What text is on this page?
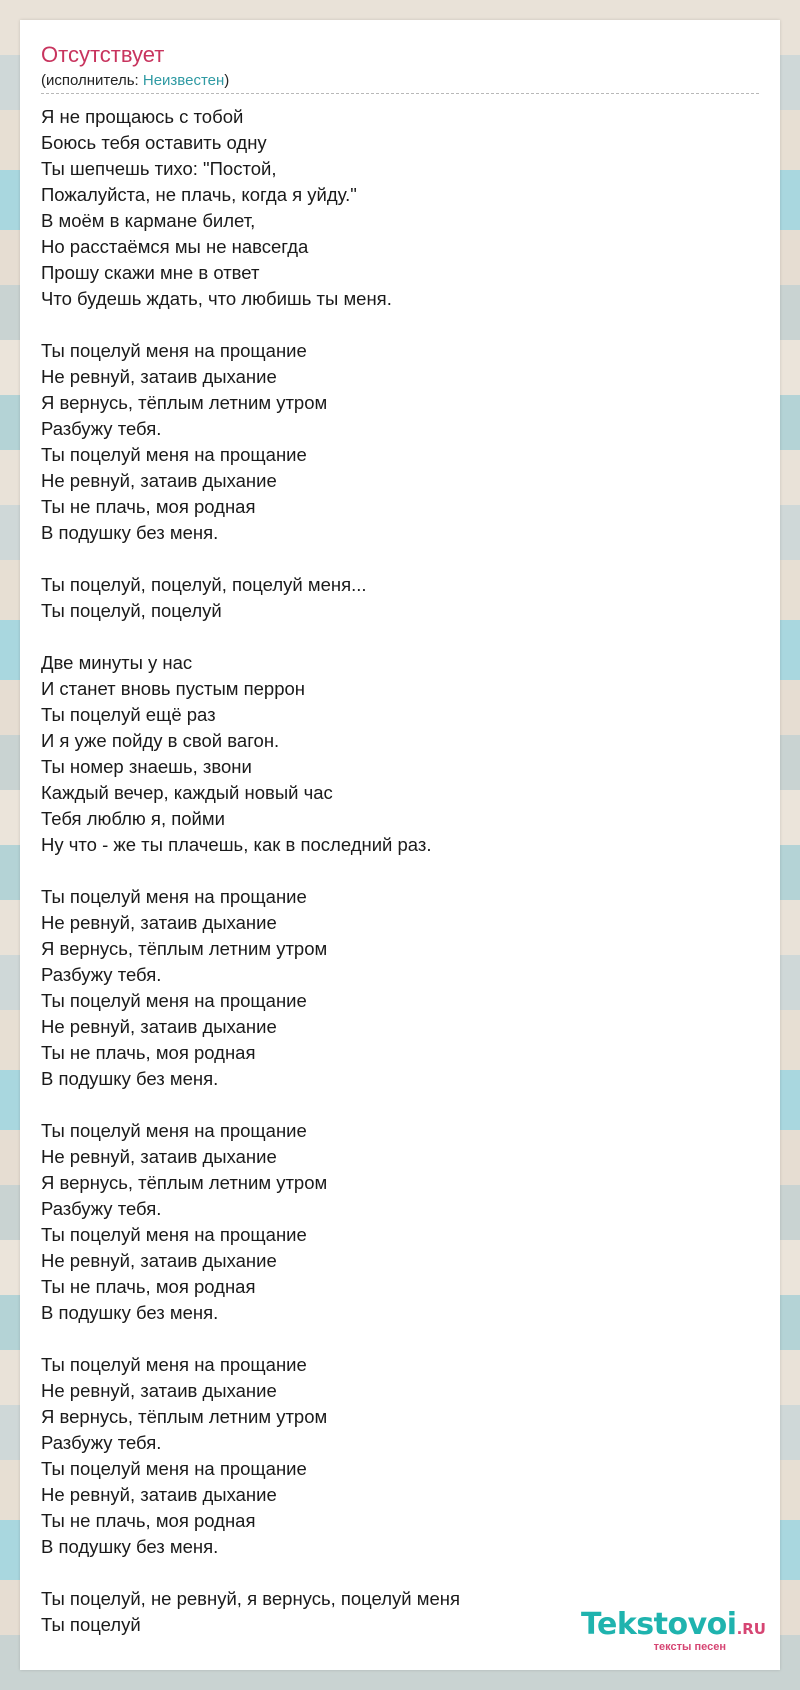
Отсутствует
(исполнитель: Неизвестен)
Я не прощаюсь с тобой
Боюсь тебя оставить одну
Ты шепчешь тихо: "Постой,
Пожалуйста, не плачь, когда я уйду."
В моём в кармане билет,
Но расстаёмся мы не навсегда
Прошу скажи мне в ответ
Что будешь ждать, что любишь ты меня.
Ты поцелуй меня на прощание
Не ревнуй, затаив дыхание
Я вернусь, тёплым летним утром
Разбужу тебя.
Ты поцелуй меня на прощание
Не ревнуй, затаив дыхание
Ты не плачь, моя родная
В подушку без меня.
Ты поцелуй, поцелуй, поцелуй меня...
Ты поцелуй, поцелуй
Две минуты у нас
И станет вновь пустым перрон
Ты поцелуй ещё раз
И я уже пойду в свой вагон.
Ты номер знаешь, звони
Каждый вечер, каждый новый час
Тебя люблю я, пойми
Ну что - же ты плачешь, как в последний раз.
Ты поцелуй меня на прощание
Не ревнуй, затаив дыхание
Я вернусь, тёплым летним утром
Разбужу тебя.
Ты поцелуй меня на прощание
Не ревнуй, затаив дыхание
Ты не плачь, моя родная
В подушку без меня.
Ты поцелуй меня на прощание
Не ревнуй, затаив дыхание
Я вернусь, тёплым летним утром
Разбужу тебя.
Ты поцелуй меня на прощание
Не ревнуй, затаив дыхание
Ты не плачь, моя родная
В подушку без меня.
Ты поцелуй меня на прощание
Не ревнуй, затаив дыхание
Я вернусь, тёплым летним утром
Разбужу тебя.
Ты поцелуй меня на прощание
Не ревнуй, затаив дыхание
Ты не плачь, моя родная
В подушку без меня.
Ты поцелуй, не ревнуй, я вернусь, поцелуй меня
Ты поцелуй	Tekstovoi.RU
тексты песен
